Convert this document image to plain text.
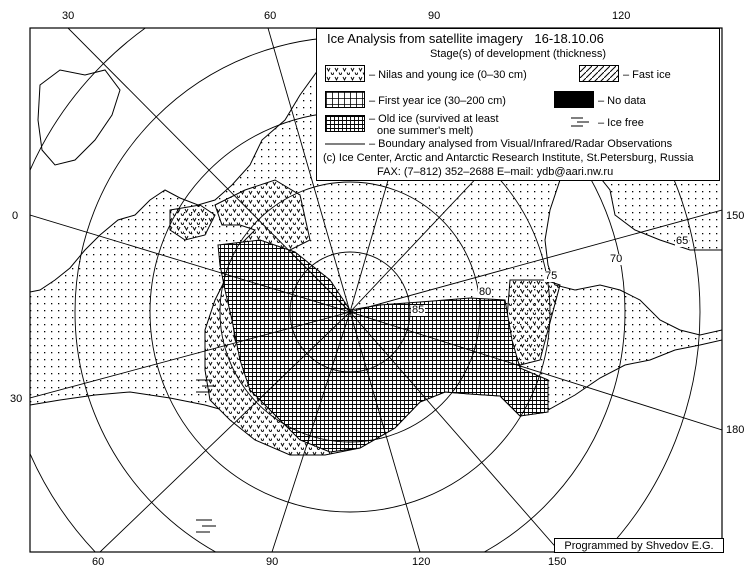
30	60	90	120
60	90	120	150
0
30
150
180
65
70
75
80
85
Ice Analysis from satellite imagery 16-18.10.06
Stage(s) of development (thickness)
– Nilas and young ice (0–30 cm)	– Fast ice
– First year ice (30–200 cm)	– No data
– Old ice (survived at least
one summer's melt)
– Ice free
– Boundary analysed from Visual/Infrared/Radar Observations
(c) Ice Center, Arctic and Antarctic Research Institute, St.Petersburg, Russia
FAX: (7–812) 352–2688 E–mail: ydb@aari.nw.ru
Programmed by Shvedov E.G.
